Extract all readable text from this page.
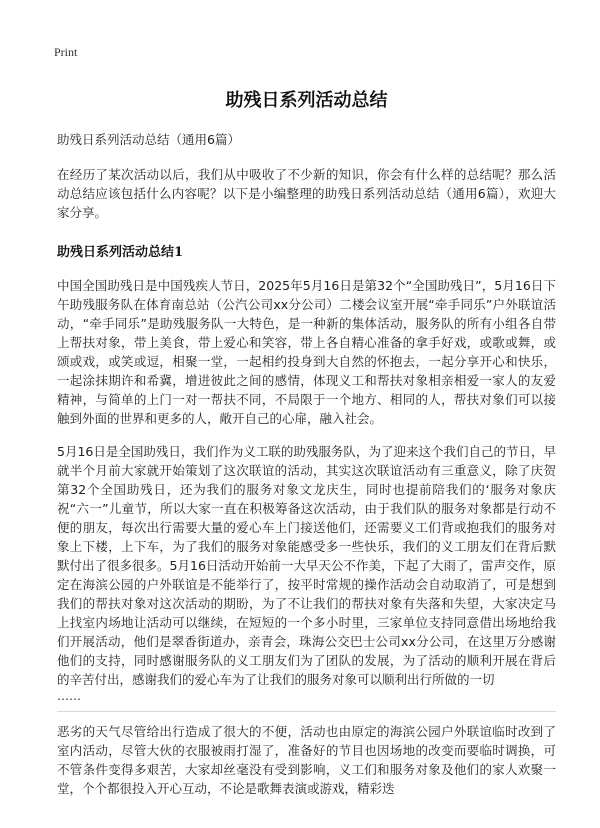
Print
助残日系列活动总结

助残日系列活动总结（通用6篇）

在经历了某次活动以后，我们从中吸收了不少新的知识，你会有什么样的总结呢？那么活动总结应该包括什么内容呢？以下是小编整理的助残日系列活动总结（通用6篇），欢迎大家分享。

助残日系列活动总结1

中国全国助残日是中国残疾人节日，2025年5月16日是第32个“全国助残日”，5月16日下午助残服务队在体育南总站（公汽公司xx分公司）二楼会议室开展“牵手同乐”户外联谊活动，“牵手同乐”是助残服务队一大特色，是一种新的集体活动，服务队的所有小组各自带上帮扶对象，带上美食，带上爱心和笑容，带上各自精心准备的拿手好戏，或歌或舞，或颂或戏，或笑或逗，相聚一堂，一起相约投身到大自然的怀抱去，一起分享开心和快乐，一起涂抹期许和希冀，增进彼此之间的感情，体现义工和帮扶对象相亲相爱一家人的友爱精神，与简单的上门一对一帮扶不同，不局限于一个地方、相同的人，帮扶对象们可以接触到外面的世界和更多的人，敞开自己的心扉，融入社会。

5月16日是全国助残日，我们作为义工联的助残服务队，为了迎来这个我们自己的节日，早就半个月前大家就开始策划了这次联谊的活动，其实这次联谊活动有三重意义，除了庆贺第32个全国助残日，还为我们的服务对象文龙庆生，同时也提前陪我们的‘服务对象庆祝“六一”儿童节，所以大家一直在积极筹备这次活动，由于我们队的服务对象都是行动不便的朋友，每次出行需要大量的爱心车上门接送他们，还需要义工们背或抱我们的服务对象上下楼，上下车，为了我们的服务对象能感受多一些快乐，我们的义工朋友们在背后默默付出了很多很多。5月16日活动开始前一大早天公不作美，下起了大雨了，雷声交作，原定在海滨公园的户外联谊是不能举行了，按平时常规的操作活动会自动取消了，可是想到我们的帮扶对象对这次活动的期盼，为了不让我们的帮扶对象有失落和失望，大家决定马上找室内场地让活动可以继续，在短短的一个多小时里，三家单位支持同意借出场地给我们开展活动，他们是翠香街道办，亲青会，珠海公交巴士公司xx分公司，在这里万分感谢他们的支持，同时感谢服务队的义工朋友们为了团队的发展，为了活动的顺利开展在背后的辛苦付出，感谢我们的爱心车为了让我们的服务对象可以顺利出行所做的一切

……

恶劣的天气尽管给出行造成了很大的不便，活动也由原定的海滨公园户外联谊临时改到了室内活动，尽管大伙的衣服被雨打湿了，准备好的节目也因场地的改变而要临时调换，可不管条件变得多艰苦，大家却丝毫没有受到影响，义工们和服务对象及他们的家人欢聚一堂，个个都很投入开心互动，不论是歌舞表演或游戏，精彩迭
